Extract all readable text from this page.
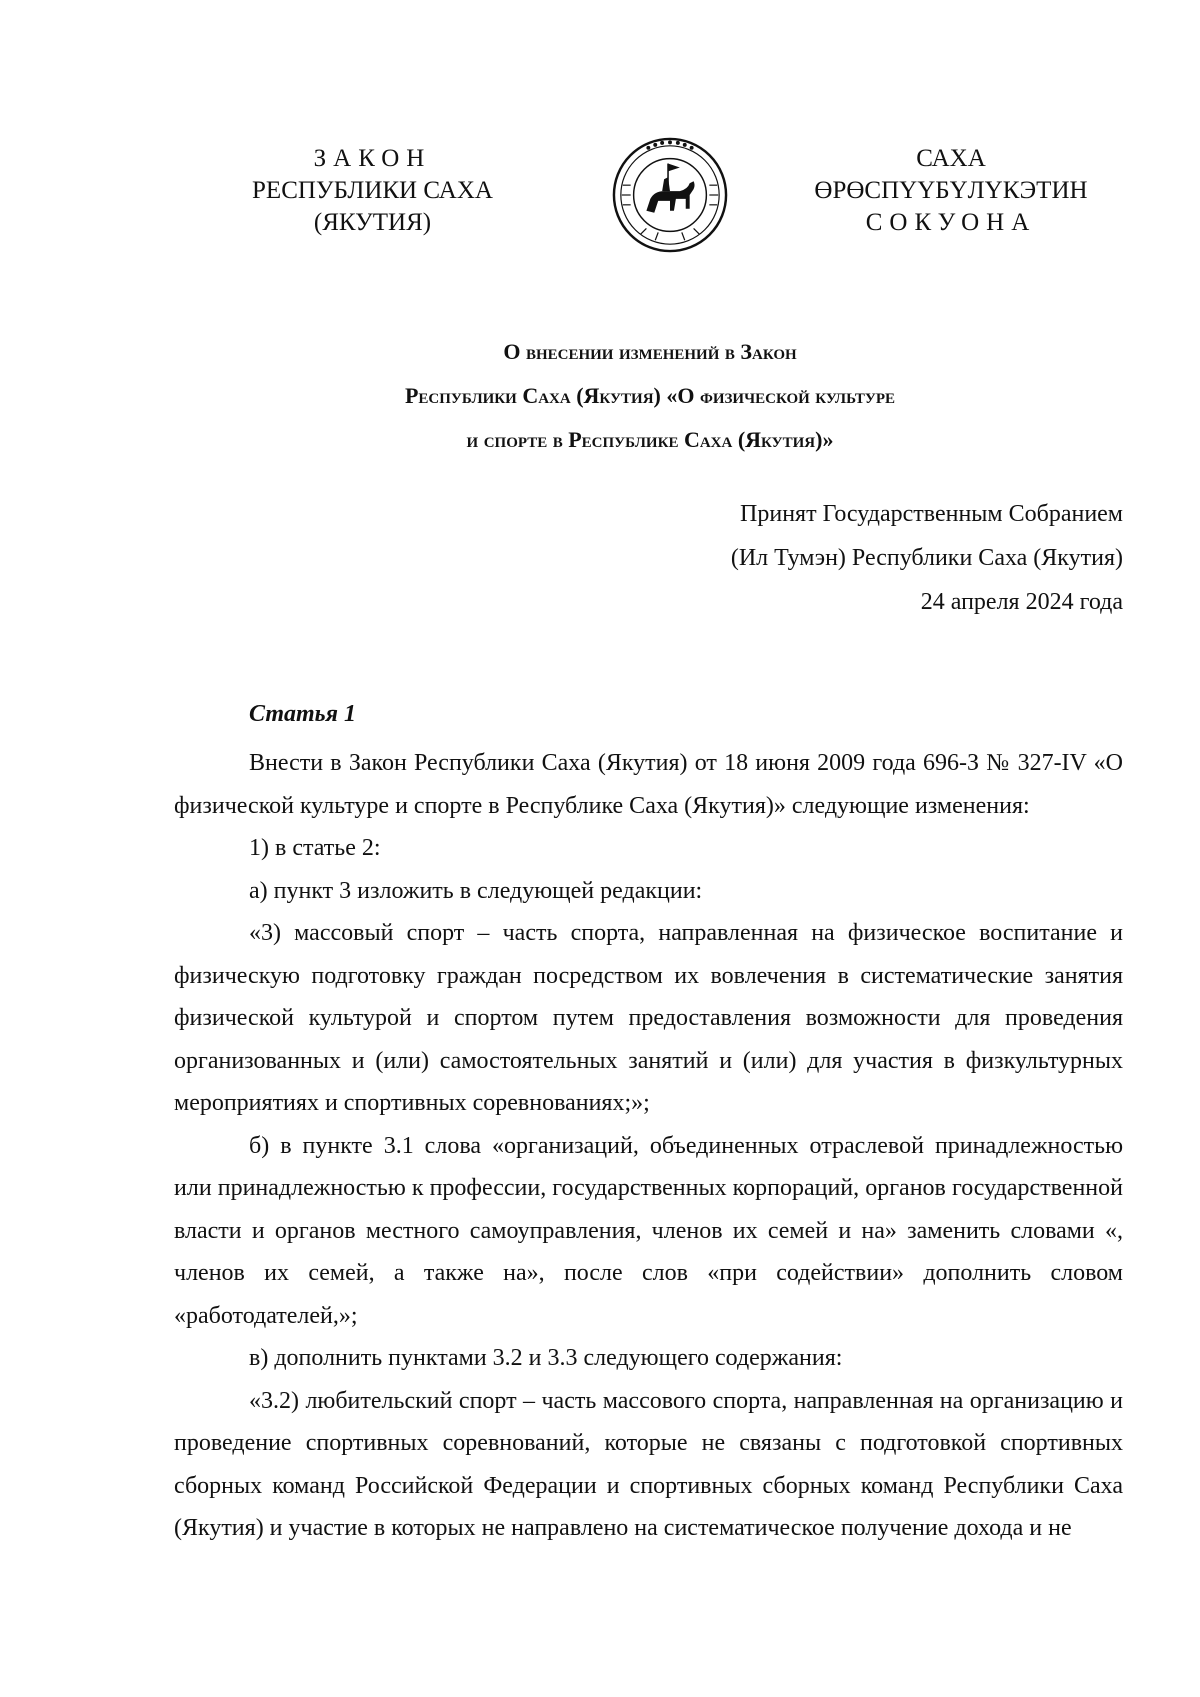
ЗАКОН
РЕСПУБЛИКИ САХА (ЯКУТИЯ)
САХА ӨРӨСПҮҮБҮЛҮКЭТИН
СОКУОНА
О внесении изменений в Закон
Республики Саха (Якутия) «О физической культуре
и спорте в Республике Саха (Якутия)»
Принят Государственным Собранием
(Ил Тумэн) Республики Саха (Якутия)
24 апреля 2024 года
Статья 1

Внести в Закон Республики Саха (Якутия) от 18 июня 2009 года 696-З № 327-IV «О физической культуре и спорте в Республике Саха (Якутия)» следующие изменения:

1) в статье 2:

а) пункт 3 изложить в следующей редакции:

«3) массовый спорт – часть спорта, направленная на физическое воспитание и физическую подготовку граждан посредством их вовлечения в систематические занятия физической культурой и спортом путем предоставления возможности для проведения организованных и (или) самостоятельных занятий и (или) для участия в физкультурных мероприятиях и спортивных соревнованиях;»;

б) в пункте 3.1 слова «организаций, объединенных отраслевой принадлежностью или принадлежностью к профессии, государственных корпораций, органов государственной власти и органов местного самоуправления, членов их семей и на» заменить словами «, членов их семей, а также на», после слов «при содействии» дополнить словом «работодателей,»;

в) дополнить пунктами 3.2 и 3.3 следующего содержания:

«3.2) любительский спорт – часть массового спорта, направленная на организацию и проведение спортивных соревнований, которые не связаны с подготовкой спортивных сборных команд Российской Федерации и спортивных сборных команд Республики Саха (Якутия) и участие в которых не направлено на систематическое получение дохода и не
